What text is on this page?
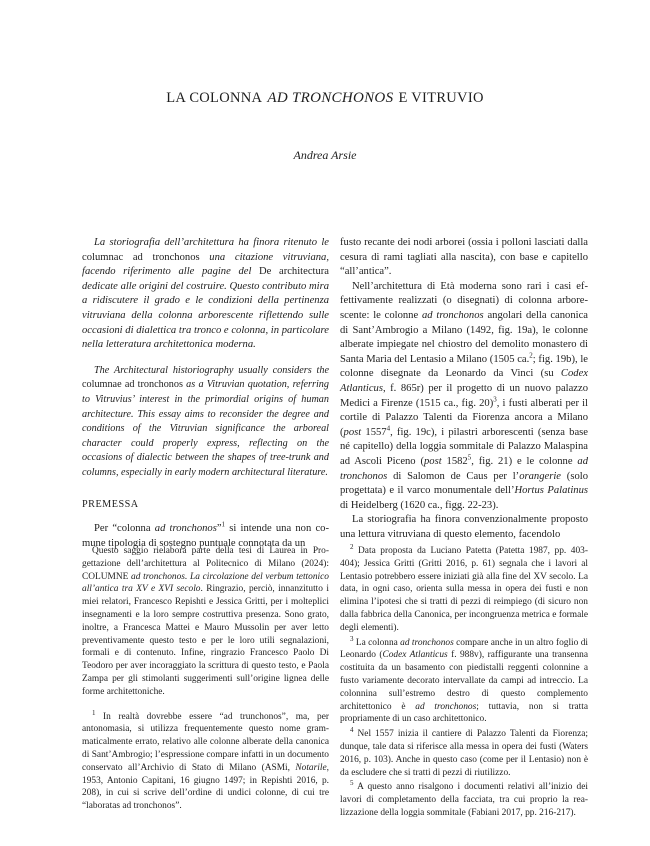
LA COLONNA AD TRONCHONOS E VITRUVIO
Andrea Arsie

La storiografia dell’architettura ha finora ritenuto le columnac ad tronchonos una citazione vitruviana, facendo riferimento alle pagine del De architectura dedicate alle origini del costruire. Questo contributo mira a ridiscutere il grado e le condizioni della pertinenza vitruviana della colonna arborescente riflettendo sulle occasioni di dialettica tra tronco e colonna, in particolare nella letteratura architettonica moderna.

The Architectural historiography usually considers the columnae ad tronchonos as a Vitruvian quotation, referring to Vitruvius’ interest in the primordial origins of human architecture. This essay aims to reconsider the degree and conditions of the Vitruvian significance the arboreal character could properly express, reflecting on the occasions of dialectic between the shapes of tree-trunk and columns, especially in early modern architectural literature.

PREMESSA

Per “colonna ad tronchonos”$^1$ si intende una non comune tipologia di sostegno puntuale connotata da un

fusto recante dei nodi arborei (ossia i polloni lasciati dalla cesura di rami tagliati alla nascita), con base e capitello “all’antica”.

Nell’architettura di Età moderna sono rari i casi effettivamente realizzati (o disegnati) di colonna arborescente: le colonne ad tronchonos angolari della canonica di Sant’Ambrogio a Milano (1492, fig. 19a), le colonne alberate impiegate nel chiostro del demolito monastero di Santa Maria del Lentasio a Milano (1505 ca.$^2$; fig. 19b), le colonne disegnate da Leonardo da Vinci (su Codex Atlanticus, f. 865r) per il progetto di un nuovo palazzo Medici a Firenze (1515 ca., fig. 20)$^3$, i fusti alberati per il cortile di Palazzo Talenti da Fiorenza ancora a Milano (post 1557$^4$, fig. 19c), i pilastri arborescenti (senza base né capitello) della loggia sommitale di Palazzo Malaspina ad Ascoli Piceno (post 1582$^5$, fig. 21) e le colonne ad tronchonos di Salomon de Caus per l’orangerie (solo progettata) e il varco monumentale dell’Hortus Palatinus di Heidelberg (1620 ca., figg. 22-23).

La storiografia ha finora convenzionalmente proposto una lettura vitruviana di questo elemento, facendolo

Questo saggio rielabora parte della tesi di Laurea in Progettazione dell’architettura al Politecnico di Milano (2024): COLUMNE ad tronchonos. La circolazione del verbum tettonico all’antica tra XV e XVI secolo. Ringrazio, perciò, innanzitutto i miei relatori, Francesco Repishti e Jessica Gritti, per i molteplici insegnamenti e la loro sempre costruttiva presenza. Sono grato, inoltre, a Francesca Mattei e Mauro Mussolin per aver letto preventivamente questo testo e per le loro utili segnalazioni, formali e di contenuto. Infine, ringrazio Francesco Paolo Di Teodoro per aver incoraggiato la scrittura di questo testo, e Paola Zampa per gli stimolanti suggerimenti sull’origine lignea delle forme architettoniche.

$^1$ In realtà dovrebbe essere “ad trunchonos”, ma, per antonomasia, si utilizza frequentemente questo nome grammaticalmente errato, relativo alle colonne alberate della canonica di Sant’Ambrogio; l’espressione compare infatti in un documento conservato all’Archivio di Stato di Milano (ASMi, Notarile, 1953, Antonio Capitani, 16 giugno 1497; in Repishti 2016, p. 208), in cui si scrive dell’ordine di undici colonne, di cui tre “laboratas ad tronchonos”.

$^2$ Data proposta da Luciano Patetta (Patetta 1987, pp. 403-404); Jessica Gritti (Gritti 2016, p. 61) segnala che i lavori al Lentasio potrebbero essere iniziati già alla fine del XV secolo. La data, in ogni caso, orienta sulla messa in opera dei fusti e non elimina l’ipotesi che si tratti di pezzi di reimpiego (di sicuro non dalla fabbrica della Canonica, per incongruenza metrica e formale degli elementi).

$^3$ La colonna ad tronchonos compare anche in un altro foglio di Leonardo (Codex Atlanticus f. 988v), raffigurante una transenna costituita da un basamento con piedistalli reggenti colonnine a fusto variamente decorato intervallate da campi ad intreccio. La colonnina sull’estremo destro di questo complemento architettonico è ad tronchonos; tuttavia, non si tratta propriamente di un caso architettonico.

$^4$ Nel 1557 inizia il cantiere di Palazzo Talenti da Fiorenza; dunque, tale data si riferisce alla messa in opera dei fusti (Waters 2016, p. 103). Anche in questo caso (come per il Lentasio) non è da escludere che si tratti di pezzi di riutilizzo.

$^5$ A questo anno risalgono i documenti relativi all’inizio dei lavori di completamento della facciata, tra cui proprio la realizzazione della loggia sommitale (Fabiani 2017, pp. 216-217).
